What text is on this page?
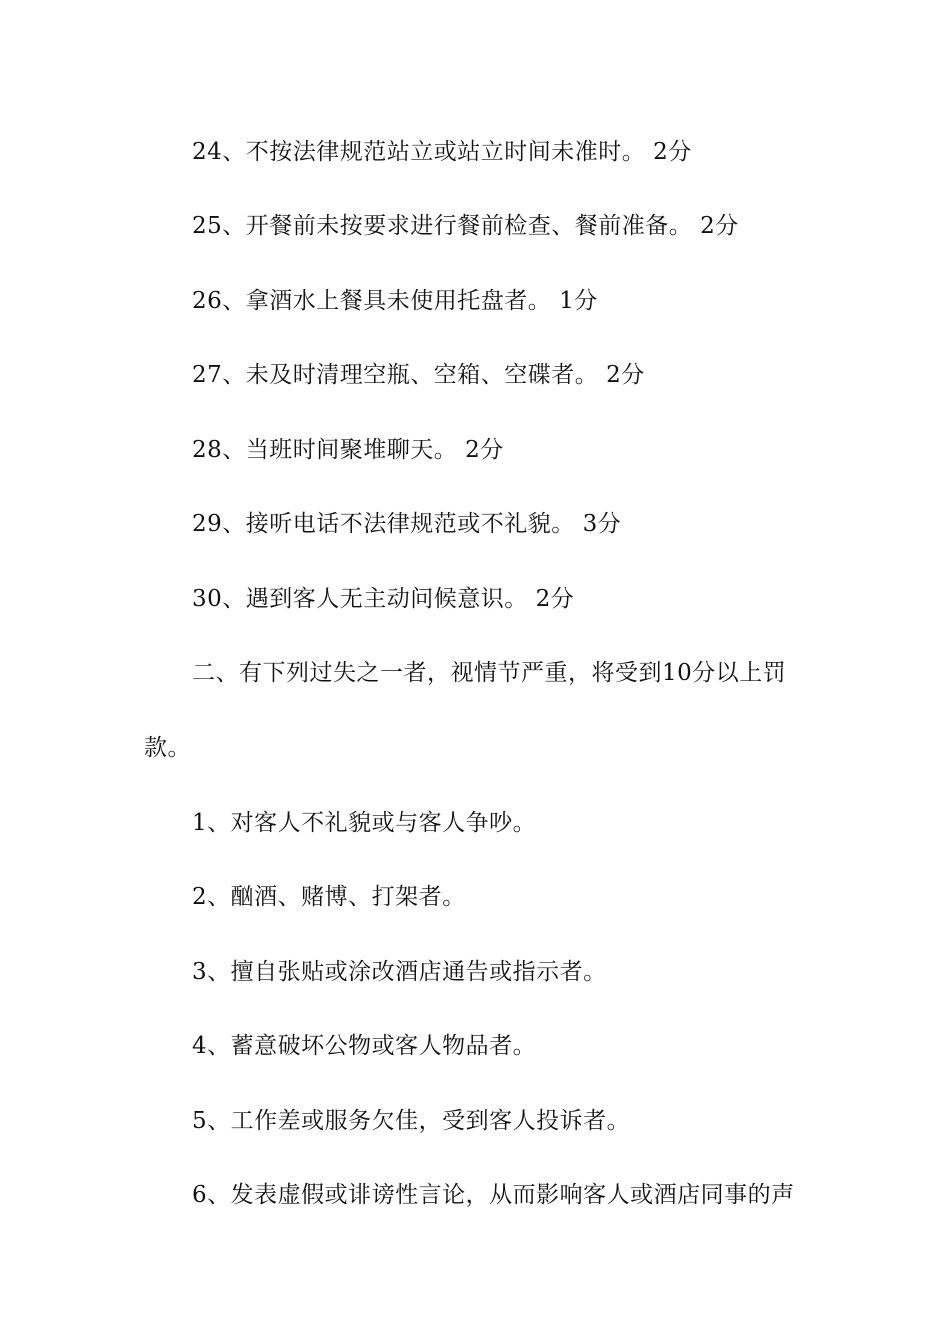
24、不按法律规范站立或站立时间未准时。 2分
25、开餐前未按要求进行餐前检查、餐前准备。 2分
26、拿酒水上餐具未使用托盘者。 1分
27、未及时清理空瓶、空箱、空碟者。 2分
28、当班时间聚堆聊天。 2分
29、接听电话不法律规范或不礼貌。 3分
30、遇到客人无主动问候意识。 2分
二、有下列过失之一者，视情节严重，将受到10分以上罚
款。
1、对客人不礼貌或与客人争吵。
2、酗酒、赌博、打架者。
3、擅自张贴或涂改酒店通告或指示者。
4、蓄意破坏公物或客人物品者。
5、工作差或服务欠佳，受到客人投诉者。
6、发表虚假或诽谤性言论，从而影响客人或酒店同事的声
